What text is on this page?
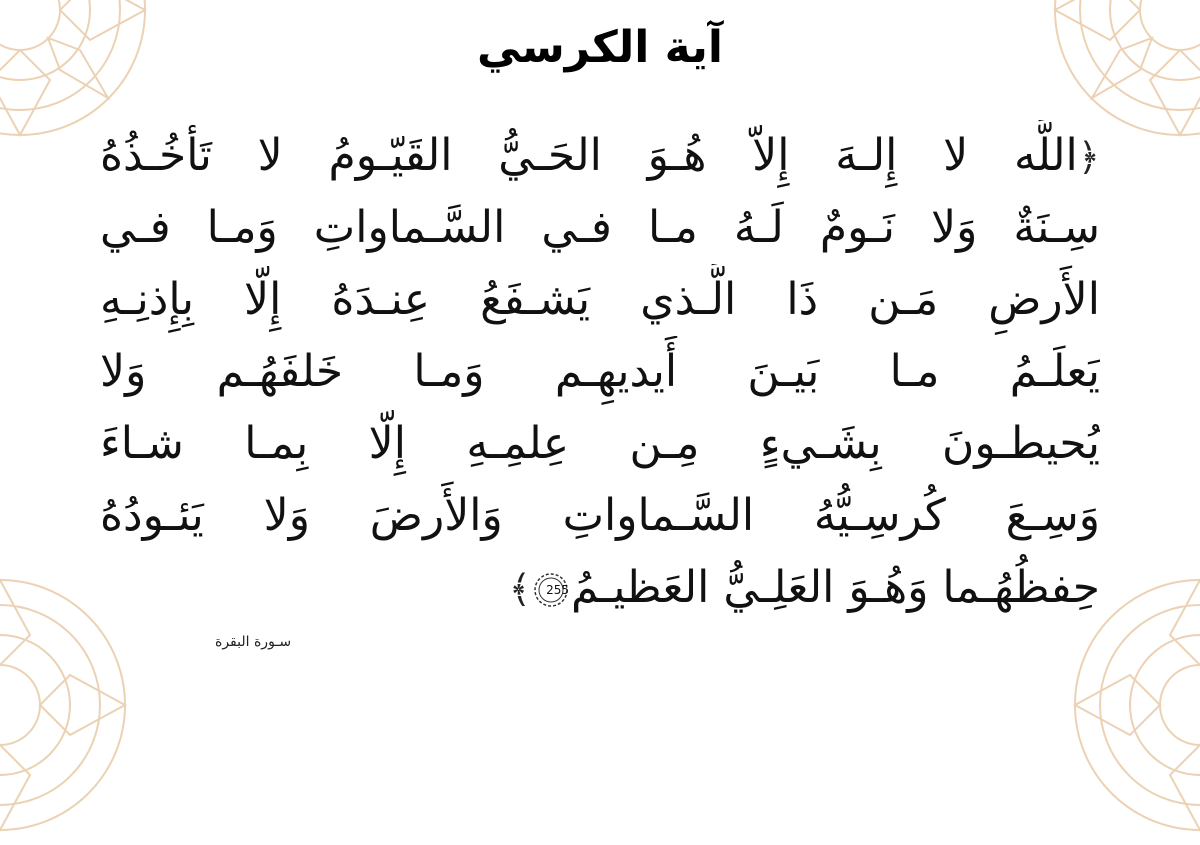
آية الكرسي
﴿اللَّه لا إِلـهَ إِلاّ هُـوَ الحَـيُّ القَيّـومُ لا تَأخُـذُهُ
سِـنَةٌ وَلا نَـومٌ لَـهُ مـا فـي السَّـماواتِ وَمـا فـي
الأَرضِ مَـن ذَا الَّـذي يَشـفَعُ عِنـدَهُ إِلّا بِإِذنِـهِ
يَعلَـمُ مـا بَيـنَ أَيديهِـم وَمـا خَلفَهُـم وَلا
يُحيطـونَ بِشَـيءٍ مِـن عِلمِـهِ إِلّا بِمـا شـاءَ
وَسِـعَ كُرسِـيُّهُ السَّـماواتِ وَالأَرضَ وَلا يَئـودُهُ
حِفظُهُـما وَهُـوَ العَلِـيُّ العَظيـمُ
255
﴾
سـورة البقرة
